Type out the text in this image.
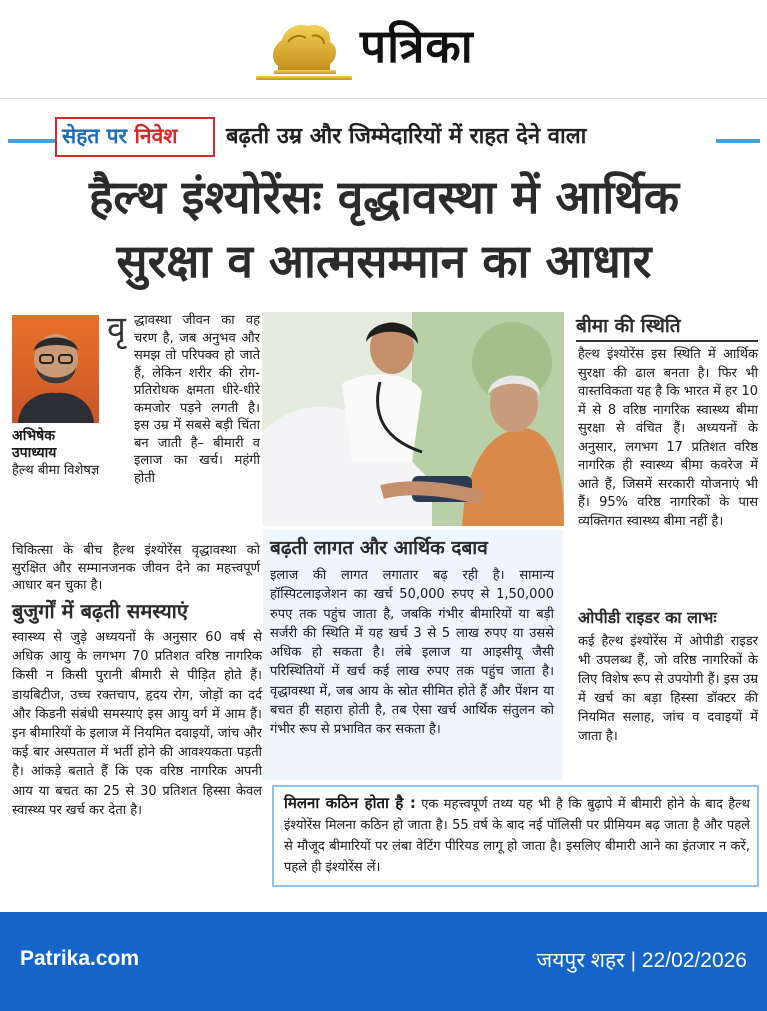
पत्रिका
सेहत पर निवेश बढ़ती उम्र और जिम्मेदारियों में राहत देने वाला
हैल्थ इंश्योरेंसः वृद्धावस्था में आर्थिक
सुरक्षा व आत्मसम्मान का आधार
अभिषेक उपाध्याय
हैल्थ बीमा विशेषज्ञ
वृ द्धावस्था जीवन का वह चरण है, जब अनुभव और समझ तो परिपक्व हो जाते हैं, लेकिन शरीर की रोग-प्रतिरोधक क्षमता धीरे-धीरे कमजोर पड़ने लगती है। इस उम्र में सबसे बड़ी चिंता बन जाती है– बीमारी व इलाज का खर्च। महंगी होती
चिकित्सा के बीच हैल्थ इंश्योरेंस वृद्धावस्था को सुरक्षित और सम्मानजनक जीवन देने का महत्त्वपूर्ण आधार बन चुका है।
बुजुर्गों में बढ़ती समस्याएं
स्वास्थ्य से जुड़े अध्ययनों के अनुसार 60 वर्ष से अधिक आयु के लगभग 70 प्रतिशत वरिष्ठ नागरिक किसी न किसी पुरानी बीमारी से पीड़ित होते हैं। डायबिटीज, उच्च रक्तचाप, हृदय रोग, जोड़ों का दर्द और किडनी संबंधी समस्याएं इस आयु वर्ग में आम हैं। इन बीमारियों के इलाज में नियमित दवाइयों, जांच और कई बार अस्पताल में भर्ती होने की आवश्यकता पड़ती है। आंकड़े बताते हैं कि एक वरिष्ठ नागरिक अपनी आय या बचत का 25 से 30 प्रतिशत हिस्सा केवल स्वास्थ्य पर खर्च कर देता है।
बढ़ती लागत और आर्थिक दबाव
इलाज की लागत लगातार बढ़ रही है। सामान्य हॉस्पिटलाइजेशन का खर्च 50,000 रुपए से 1,50,000 रुपए तक पहुंच जाता है, जबकि गंभीर बीमारियों या बड़ी सर्जरी की स्थिति में यह खर्च 3 से 5 लाख रुपए या उससे अधिक हो सकता है। लंबे इलाज या आइसीयू जैसी परिस्थितियों में खर्च कई लाख रुपए तक पहुंच जाता है। वृद्धावस्था में, जब आय के स्रोत सीमित होते हैं और पेंशन या बचत ही सहारा होती है, तब ऐसा खर्च आर्थिक संतुलन को गंभीर रूप से प्रभावित कर सकता है।
बीमा की स्थिति
हैल्थ इंश्योरेंस इस स्थिति में आर्थिक सुरक्षा की ढाल बनता है। फिर भी वास्तविकता यह है कि भारत में हर 10 में से 8 वरिष्ठ नागरिक स्वास्थ्य बीमा सुरक्षा से वंचित हैं। अध्ययनों के अनुसार, लगभग 17 प्रतिशत वरिष्ठ नागरिक ही स्वास्थ्य बीमा कवरेज में आते हैं, जिसमें सरकारी योजनाएं भी हैं। 95% वरिष्ठ नागरिकों के पास व्यक्तिगत स्वास्थ्य बीमा नहीं है।
ओपीडी राइडर का लाभः
कई हैल्थ इंश्योरेंस में ओपीडी राइडर भी उपलब्ध हैं, जो वरिष्ठ नागरिकों के लिए विशेष रूप से उपयोगी हैं। इस उम्र में खर्च का बड़ा हिस्सा डॉक्टर की नियमित सलाह, जांच व दवाइयों में जाता है।
मिलना कठिन होता है : एक महत्त्वपूर्ण तथ्य यह भी है कि बुढ़ापे में बीमारी होने के बाद हैल्थ इंश्योरेंस मिलना कठिन हो जाता है। 55 वर्ष के बाद नई पॉलिसी पर प्रीमियम बढ़ जाता है और पहले से मौजूद बीमारियों पर लंबा वेटिंग पीरियड लागू हो जाता है। इसलिए बीमारी आने का इंतजार न करें, पहले ही इंश्योरेंस लें।
Patrika.com	जयपुर शहर | 22/02/2026
